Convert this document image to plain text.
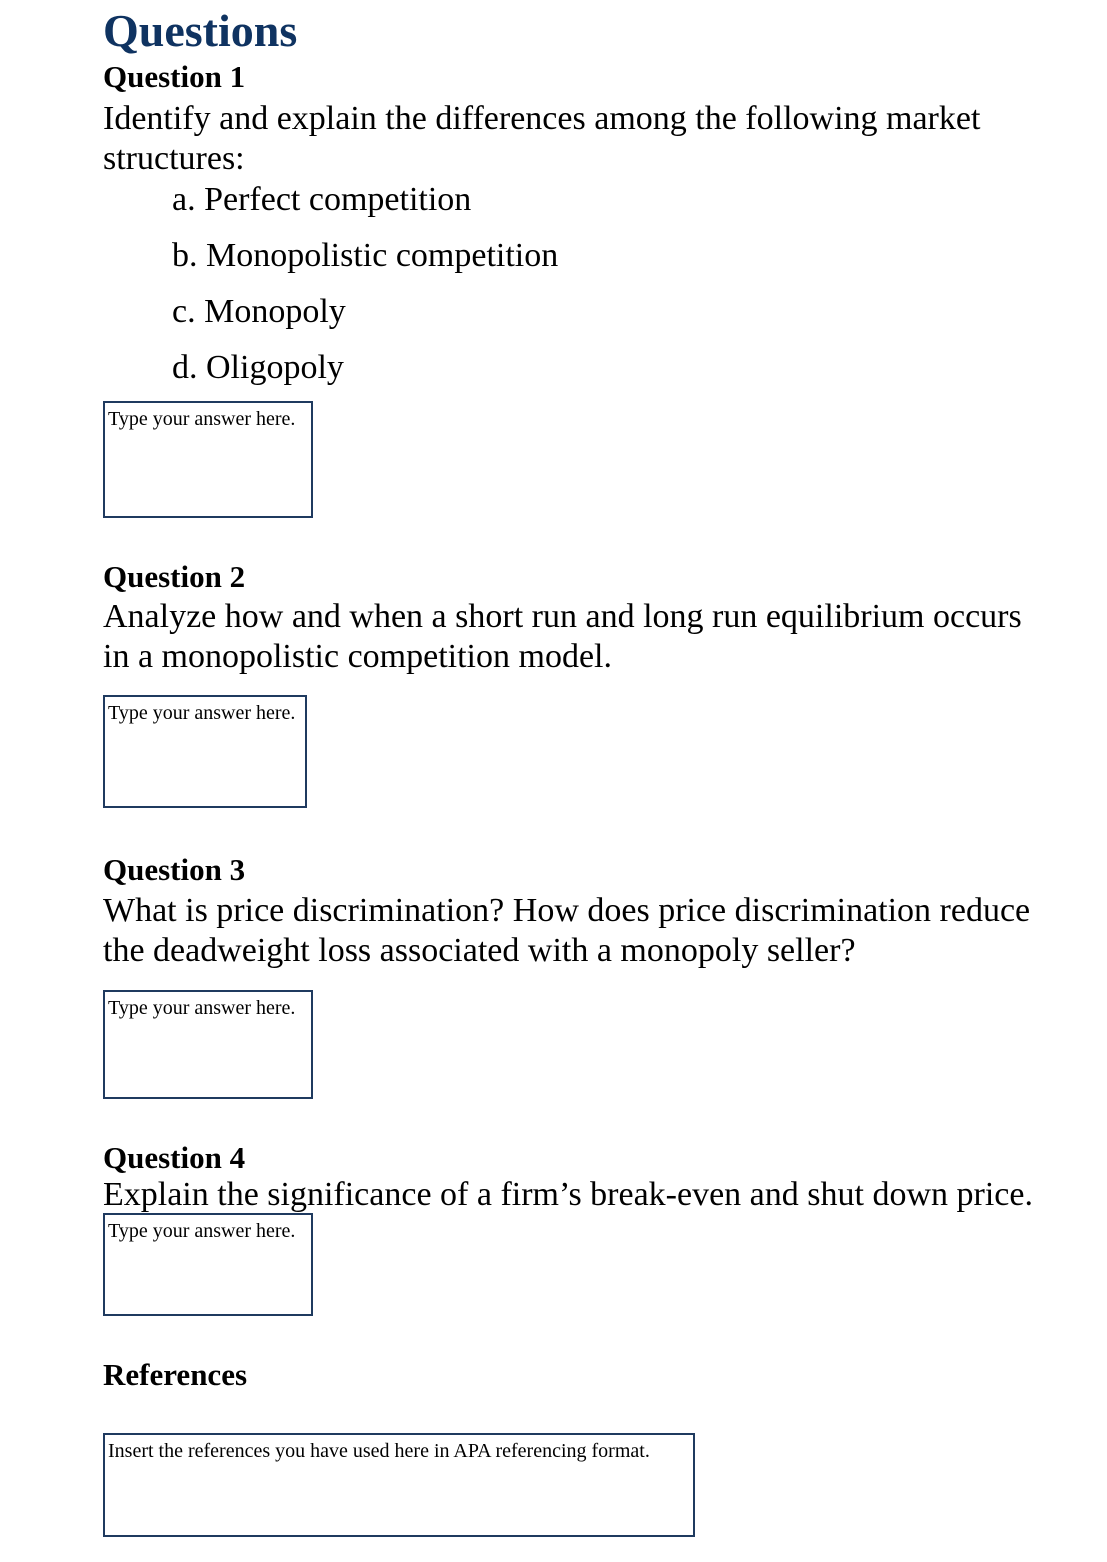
Questions
Question 1

Identify and explain the differences among the following market structures:

a. Perfect competition
b. Monopolistic competition
c. Monopoly
d. Oligopoly
Type your answer here.
Question 2

Analyze how and when a short run and long run equilibrium occurs in a monopolistic competition model.

Type your answer here.
Question 3

What is price discrimination? How does price discrimination reduce the deadweight loss associated with a monopoly seller?

Type your answer here.
Question 4

Explain the significance of a firm’s break-even and shut down price.

Type your answer here.
References
Insert the references you have used here in APA referencing format.
